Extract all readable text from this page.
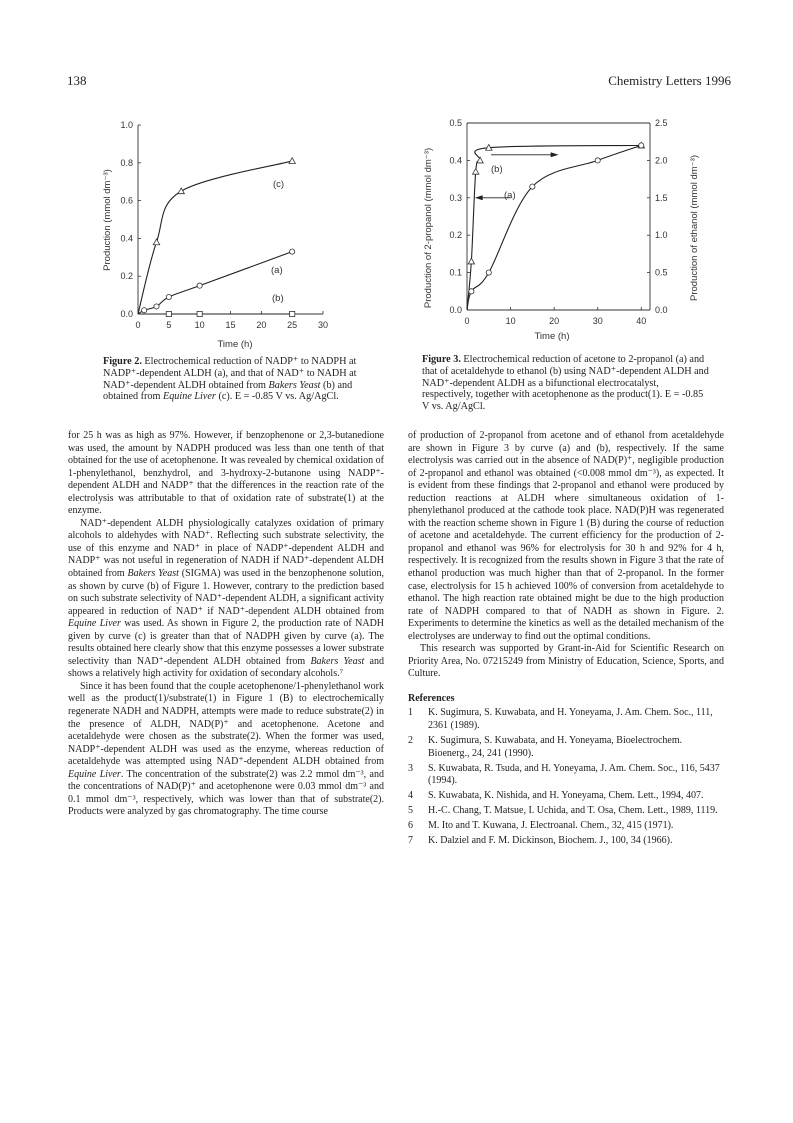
138	Chemistry Letters 1996
0	5	10 15 20 25 30
0.0
0.2
0.4
0.6
0.8
1.0
Production (mmol dm⁻³)
Time (h)
(c)
(a)
(b)
Figure 2. Electrochemical reduction of NADP⁺ to NADPH at NADP⁺-dependent ALDH (a), and that of NAD⁺ to NADH at NAD⁺-dependent ALDH obtained from Bakers Yeast (b) and obtained from Equine Liver (c). E = -0.85 V vs. Ag/AgCl.
0	10	20	30	40
0.0
0.1
0.2
0.3
0.4
0.5
0.0
0.5
1.0
1.5
2.0
2.5
Production of 2-propanol (mmol dm⁻³)	Production of ethanol (mmol dm⁻³)
Time (h)
(b)
(a)
Figure 3. Electrochemical reduction of acetone to 2-propanol (a) and that of acetaldehyde to ethanol (b) using NAD⁺-dependent ALDH and NAD⁺-dependent ALDH as a bifunctional electrocatalyst, respectively, together with acetophenone as the product(1). E = -0.85 V vs. Ag/AgCl.

for 25 h was as high as 97%. However, if benzophenone or 2,3-butanedione was used, the amount by NADPH produced was less than one tenth of that obtained for the use of acetophenone. It was revealed by chemical oxidation of 1-phenylethanol, benzhydrol, and 3-hydroxy-2-butanone using NADP⁺-dependent ALDH and NADP⁺ that the differences in the reaction rate of the electrolysis was attributable to that of oxidation rate of substrate(1) at the enzyme.

NAD⁺-dependent ALDH physiologically catalyzes oxidation of primary alcohols to aldehydes with NAD⁺. Reflecting such substrate selectivity, the use of this enzyme and NAD⁺ in place of NADP⁺-dependent ALDH and NADP⁺ was not useful in regeneration of NADH if NAD⁺-dependent ALDH obtained from Bakers Yeast (SIGMA) was used in the benzophenone solution, as shown by curve (b) of Figure 1. However, contrary to the prediction based on such substrate selectivity of NAD⁺-dependent ALDH, a significant activity appeared in reduction of NAD⁺ if NAD⁺-dependent ALDH obtained from Equine Liver was used. As shown in Figure 2, the production rate of NADH given by curve (c) is greater than that of NADPH given by curve (a). The results obtained here clearly show that this enzyme possesses a lower substrate selectivity than NAD⁺-dependent ALDH obtained from Bakers Yeast and shows a relatively high activity for oxidation of secondary alcohols.⁷

Since it has been found that the couple acetophenone/1-phenylethanol work well as the product(1)/substrate(1) in Figure 1 (B) to electrochemically regenerate NADH and NADPH, attempts were made to reduce substrate(2) in the presence of ALDH, NAD(P)⁺ and acetophenone. Acetone and acetaldehyde were chosen as the substrate(2). When the former was used, NADP⁺-dependent ALDH was used as the enzyme, whereas reduction of acetaldehyde was attempted using NAD⁺-dependent ALDH obtained from Equine Liver. The concentration of the substrate(2) was 2.2 mmol dm⁻³, and the concentrations of NAD(P)⁺ and acetophenone were 0.03 mmol dm⁻³ and 0.1 mmol dm⁻³, respectively, which was lower than that of substrate(2). Products were analyzed by gas chromatography. The time course

of production of 2-propanol from acetone and of ethanol from acetaldehyde are shown in Figure 3 by curve (a) and (b), respectively. If the same electrolysis was carried out in the absence of NAD(P)⁺, negligible production of 2-propanol and ethanol was obtained (<0.008 mmol dm⁻³), as expected. It is evident from these findings that 2-propanol and ethanol were produced by reduction reactions at ALDH where simultaneous oxidation of 1-phenylethanol produced at the cathode took place. NAD(P)H was regenerated with the reaction scheme shown in Figure 1 (B) during the course of reduction of acetone and acetaldehyde. The current efficiency for the production of 2-propanol and ethanol was 96% for electrolysis for 30 h and 92% for 4 h, respectively. It is recognized from the results shown in Figure 3 that the rate of ethanol production was much higher than that of 2-propanol. In the former case, electrolysis for 15 h achieved 100% of conversion from acetaldehyde to ethanol. The high reaction rate obtained might be due to the high production rate of NADPH compared to that of NADH as shown in Figure. 2. Experiments to determine the kinetics as well as the detailed mechanism of the electrolyses are underway to find out the optimal conditions.

This research was supported by Grant-in-Aid for Scientific Research on Priority Area, No. 07215249 from Ministry of Education, Science, Sports, and Culture.

References
1	K. Sugimura, S. Kuwabata, and H. Yoneyama, J. Am. Chem. Soc., 111, 2361 (1989).
2	K. Sugimura, S. Kuwabata, and H. Yoneyama, Bioelectrochem. Bioenerg., 24, 241 (1990).
3	S. Kuwabata, R. Tsuda, and H. Yoneyama, J. Am. Chem. Soc., 116, 5437 (1994).
4	S. Kuwabata, K. Nishida, and H. Yoneyama, Chem. Lett., 1994, 407.
5	H.-C. Chang, T. Matsue, I. Uchida, and T. Osa, Chem. Lett., 1989, 1119.
6	M. Ito and T. Kuwana, J. Electroanal. Chem., 32, 415 (1971).
7	K. Dalziel and F. M. Dickinson, Biochem. J., 100, 34 (1966).
